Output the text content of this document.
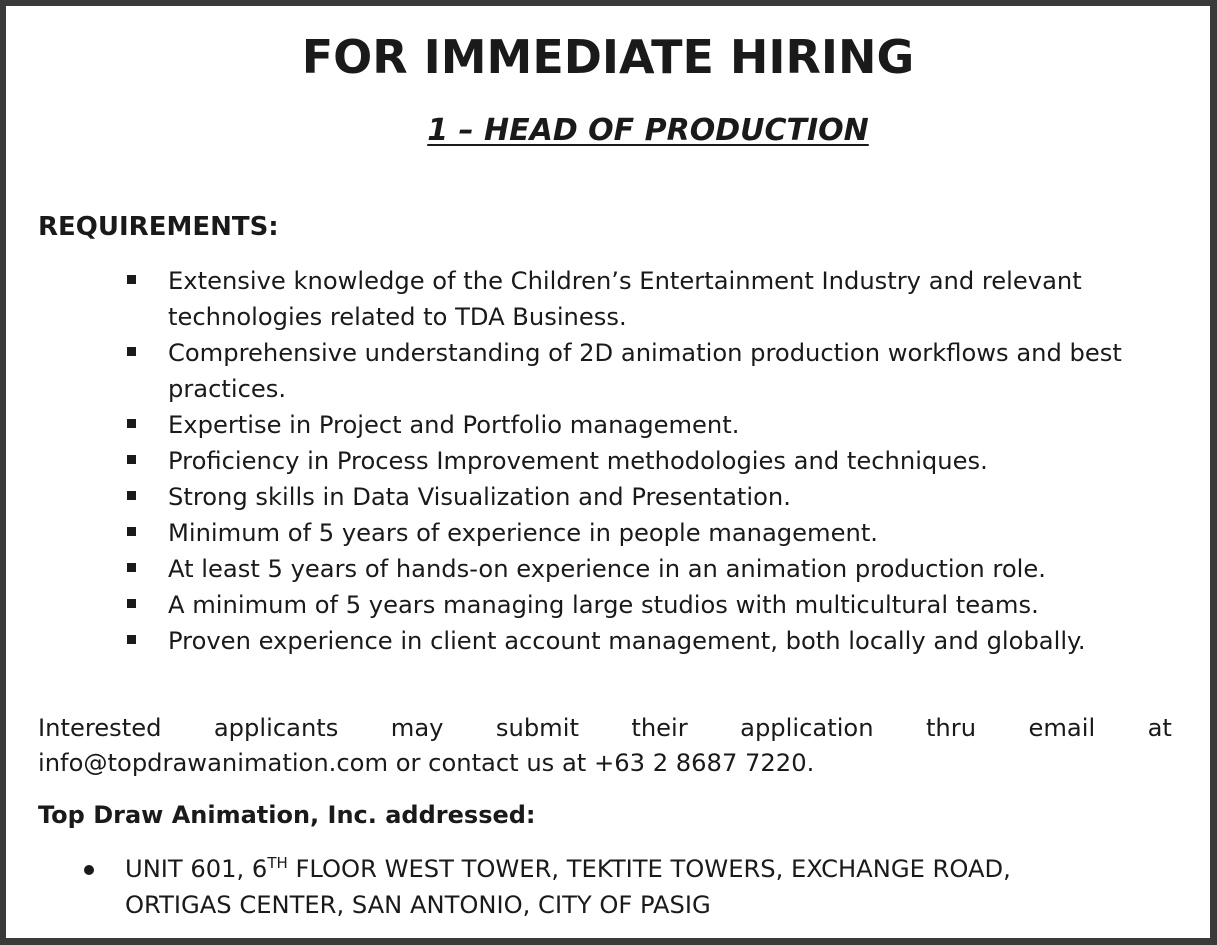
FOR IMMEDIATE HIRING
1 – HEAD OF PRODUCTION
REQUIREMENTS:
Extensive knowledge of the Children’s Entertainment Industry and relevant technologies related to TDA Business.
Comprehensive understanding of 2D animation production workflows and best practices.
Expertise in Project and Portfolio management.
Proficiency in Process Improvement methodologies and techniques.
Strong skills in Data Visualization and Presentation.
Minimum of 5 years of experience in people management.
At least 5 years of hands-on experience in an animation production role.
A minimum of 5 years managing large studios with multicultural teams.
Proven experience in client account management, both locally and globally.
Interested applicants may submit their application thru email at
info@topdrawanimation.com or contact us at +63 2 8687 7220.
Top Draw Animation, Inc. addressed:
UNIT 601, 6TH FLOOR WEST TOWER, TEKTITE TOWERS, EXCHANGE ROAD,
ORTIGAS CENTER, SAN ANTONIO, CITY OF PASIG
